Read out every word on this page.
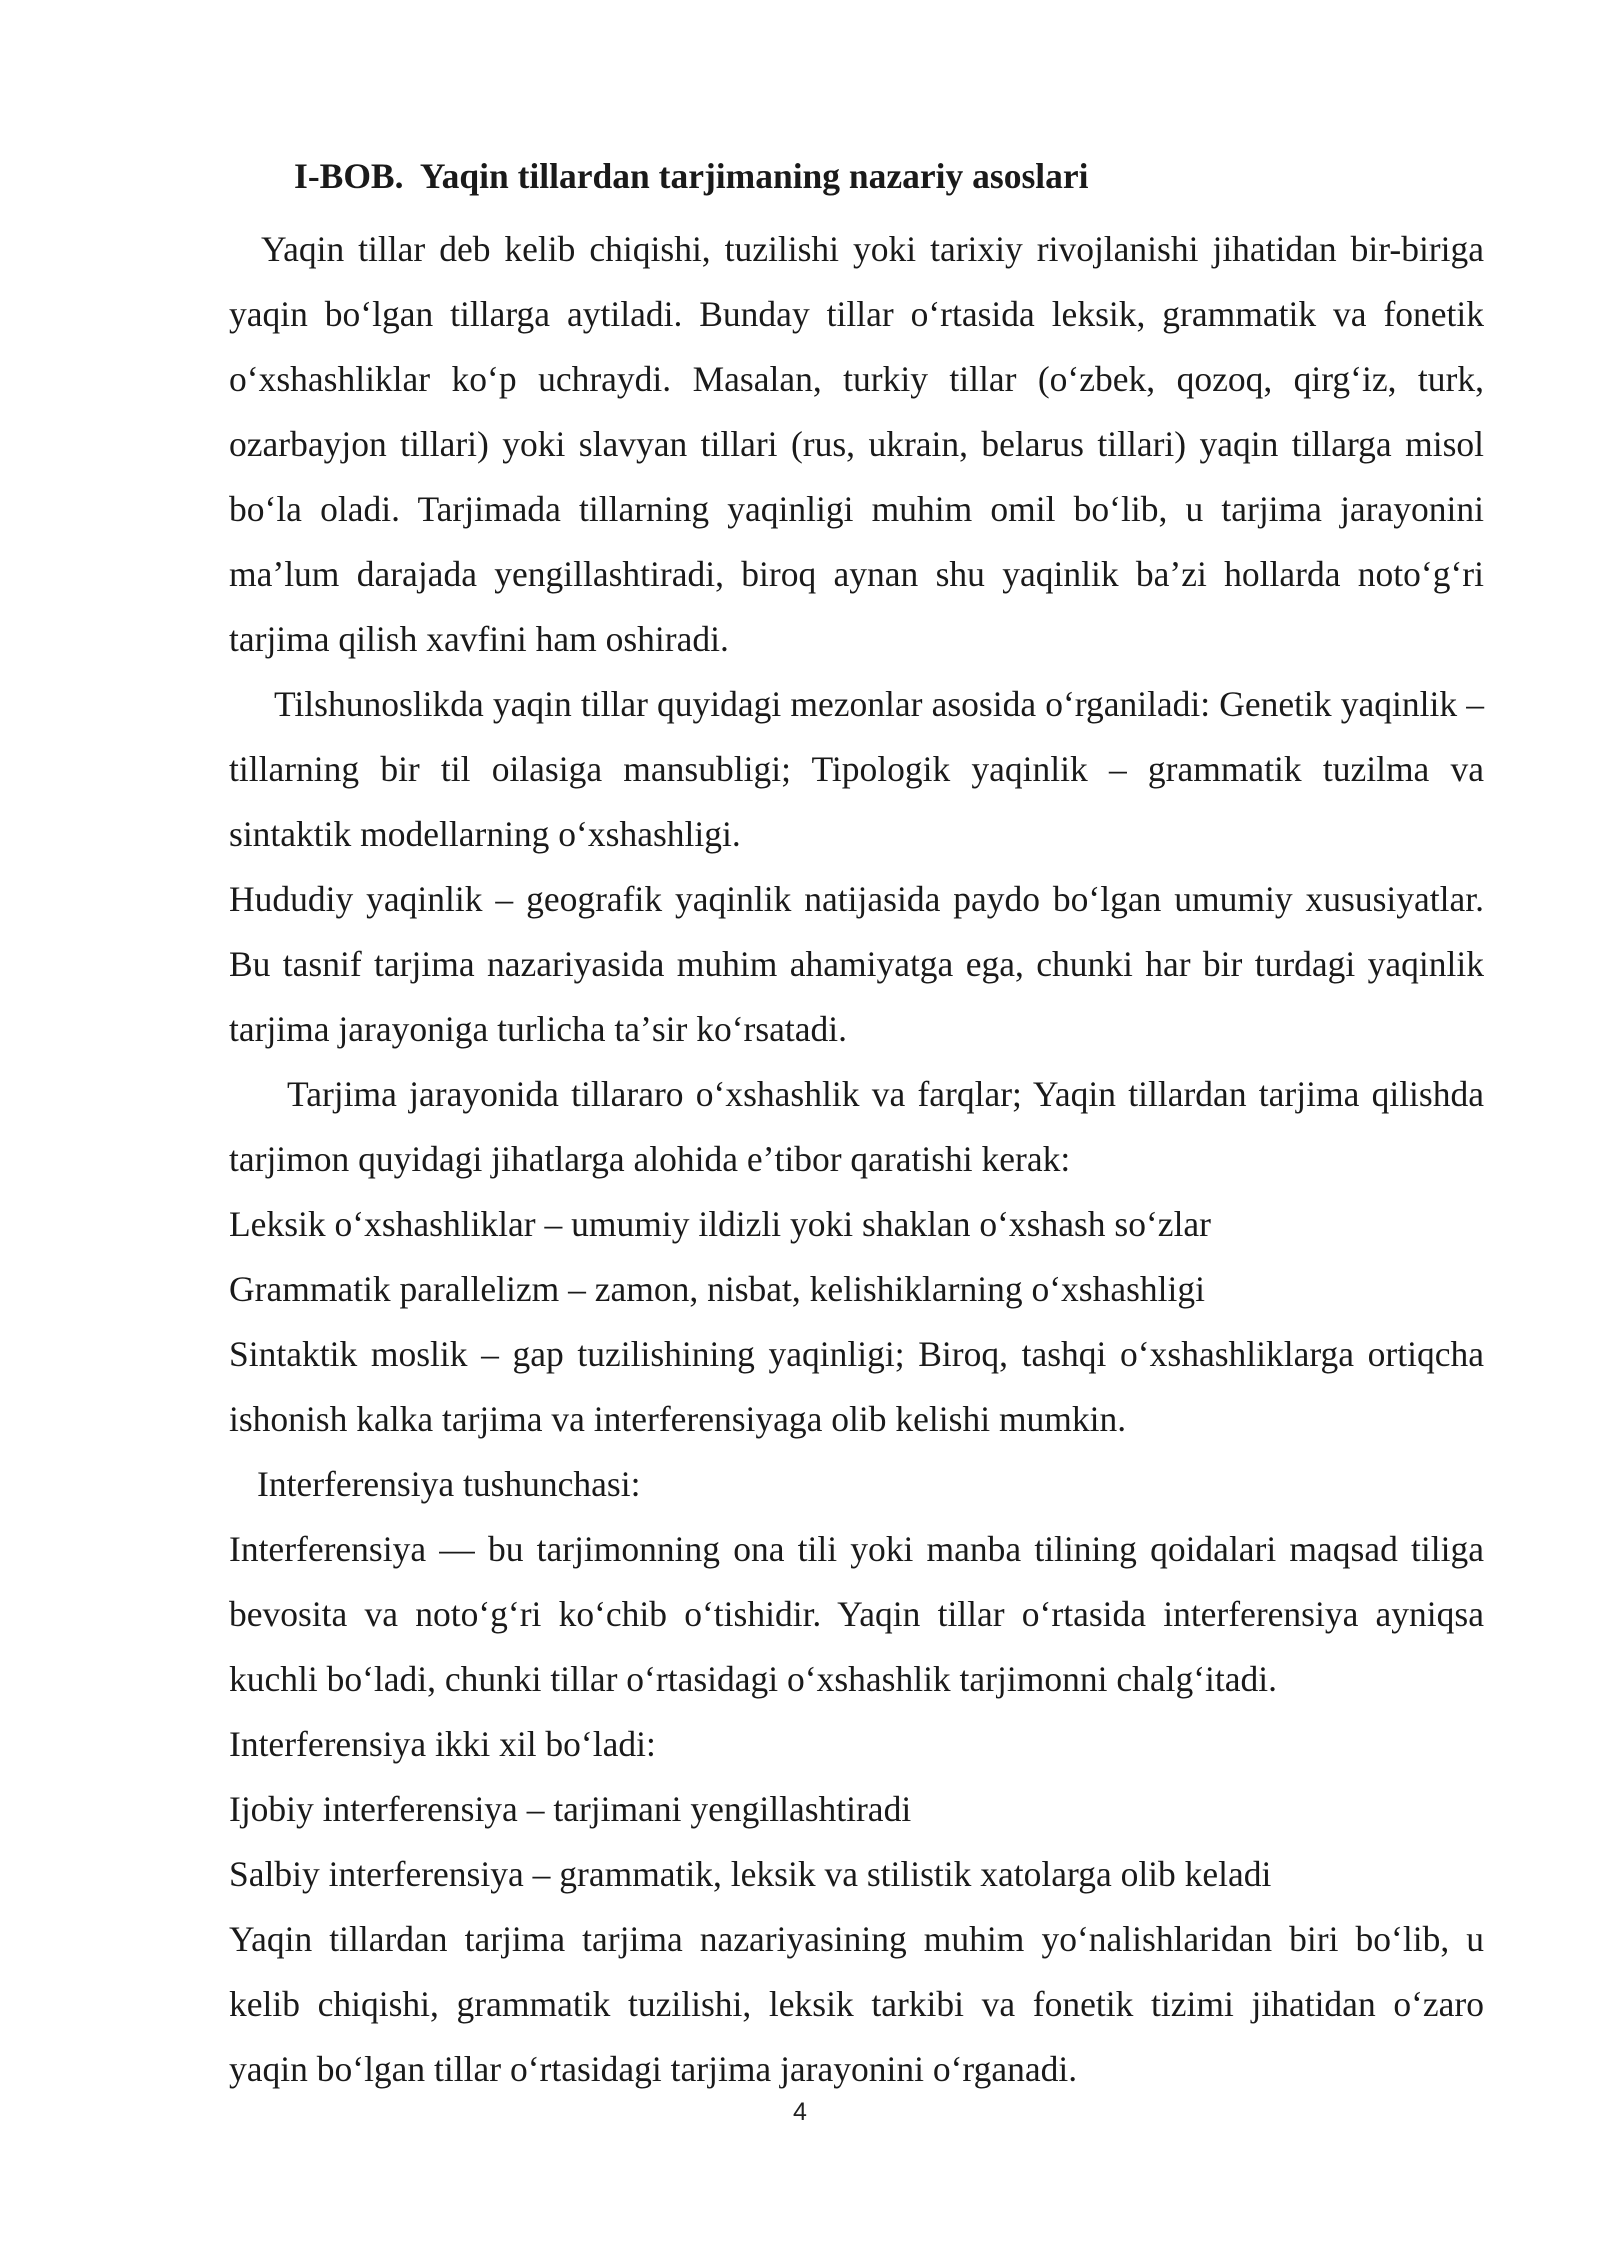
I-BOB.  Yaqin tillardan tarjimaning nazariy asoslari

Yaqin tillar deb kelib chiqishi, tuzilishi yoki tarixiy rivojlanishi jihatidan bir-biriga yaqin boʻlgan tillarga aytiladi. Bunday tillar oʻrtasida leksik, grammatik va fonetik oʻxshashliklar koʻp uchraydi. Masalan, turkiy tillar (oʻzbek, qozoq, qirgʻiz, turk, ozarbayjon tillari) yoki slavyan tillari (rus, ukrain, belarus tillari) yaqin tillarga misol boʻla oladi. Tarjimada tillarning yaqinligi muhim omil boʻlib, u tarjima jarayonini maʼlum darajada yengillashtiradi, biroq aynan shu yaqinlik baʼzi hollarda notoʻgʻri tarjima qilish xavfini ham oshiradi.

Tilshunoslikda yaqin tillar quyidagi mezonlar asosida oʻrganiladi: Genetik yaqinlik – tillarning bir til oilasiga mansubligi; Tipologik yaqinlik – grammatik tuzilma va sintaktik modellarning oʻxshashligi.

Hududiy yaqinlik – geografik yaqinlik natijasida paydo boʻlgan umumiy xususiyatlar. Bu tasnif tarjima nazariyasida muhim ahamiyatga ega, chunki har bir turdagi yaqinlik tarjima jarayoniga turlicha taʼsir koʻrsatadi.

Tarjima jarayonida tillararo oʻxshashlik va farqlar; Yaqin tillardan tarjima qilishda tarjimon quyidagi jihatlarga alohida eʼtibor qaratishi kerak:

Leksik oʻxshashliklar – umumiy ildizli yoki shaklan oʻxshash soʻzlar

Grammatik parallelizm – zamon, nisbat, kelishiklarning oʻxshashligi

Sintaktik moslik – gap tuzilishining yaqinligi; Biroq, tashqi oʻxshashliklarga ortiqcha ishonish kalka tarjima va interferensiyaga olib kelishi mumkin.

Interferensiya tushunchasi:

Interferensiya — bu tarjimonning ona tili yoki manba tilining qoidalari maqsad tiliga bevosita va notoʻgʻri koʻchib oʻtishidir. Yaqin tillar oʻrtasida interferensiya ayniqsa kuchli boʻladi, chunki tillar oʻrtasidagi oʻxshashlik tarjimonni chalgʻitadi.

Interferensiya ikki xil boʻladi:

Ijobiy interferensiya – tarjimani yengillashtiradi

Salbiy interferensiya – grammatik, leksik va stilistik xatolarga olib keladi

Yaqin tillardan tarjima tarjima nazariyasining muhim yoʻnalishlaridan biri boʻlib, u kelib chiqishi, grammatik tuzilishi, leksik tarkibi va fonetik tizimi jihatidan oʻzaro yaqin boʻlgan tillar oʻrtasidagi tarjima jarayonini oʻrganadi.

4
